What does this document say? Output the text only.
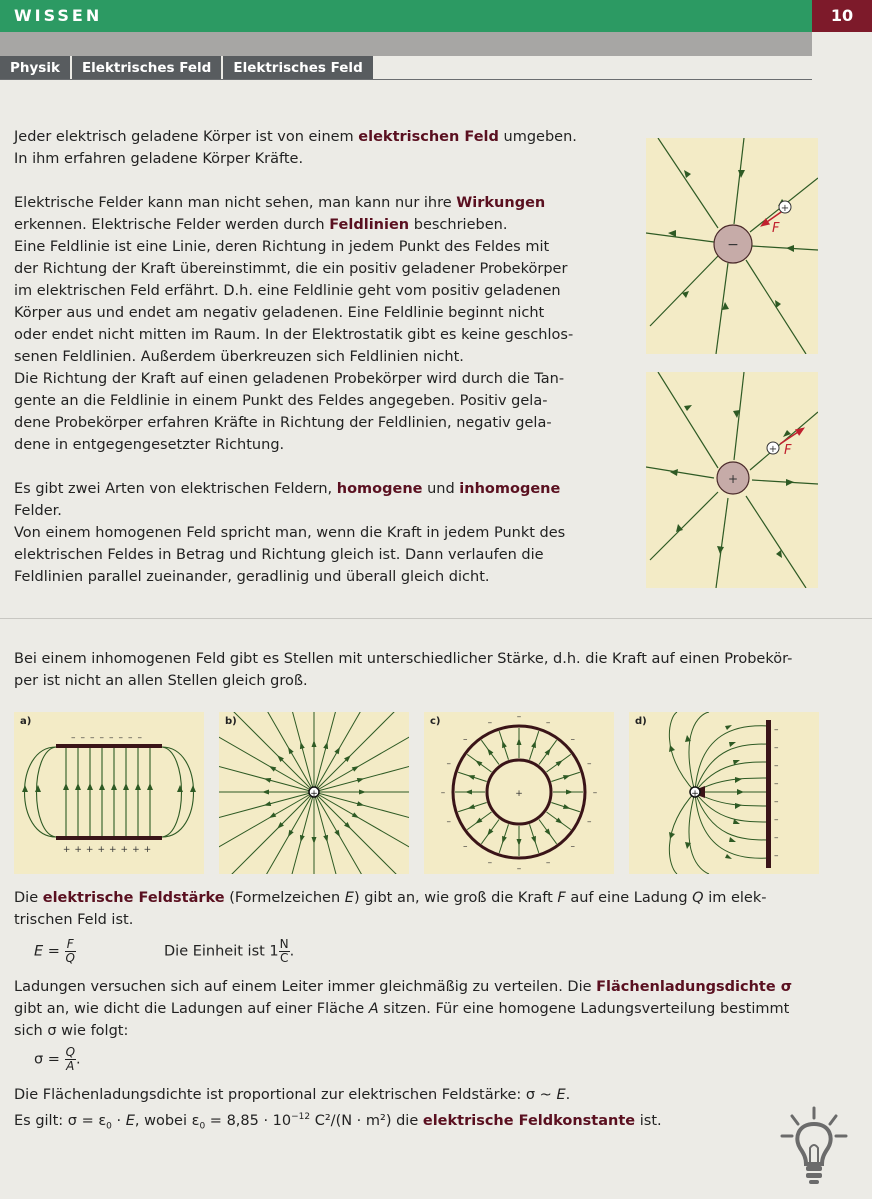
WISSEN	10
Physik	Elektrisches Feld	Elektrisches Feld

Jeder elektrisch geladene Körper ist von einem elektrischen Feld umgeben.

In ihm erfahren geladene Körper Kräfte.

Elektrische Felder kann man nicht sehen, man kann nur ihre Wirkungen

erkennen. Elektrische Felder werden durch Feldlinien beschrieben.

Eine Feldlinie ist eine Linie, deren Richtung in jedem Punkt des Feldes mit

der Richtung der Kraft übereinstimmt, die ein positiv geladener Probekörper

im elektrischen Feld erfährt. D.h. eine Feldlinie geht vom positiv geladenen

Körper aus und endet am negativ geladenen. Eine Feldlinie beginnt nicht

oder endet nicht mitten im Raum. In der Elektrostatik gibt es keine geschlos-

senen Feldlinien. Außerdem überkreuzen sich Feldlinien nicht.

Die Richtung der Kraft auf einen geladenen Probekörper wird durch die Tan-

gente an die Feldlinie in einem Punkt des Feldes angegeben. Positiv gela-

dene Probekörper erfahren Kräfte in Richtung der Feldlinien, negativ gela-

dene in entgegengesetzter Richtung.

Es gibt zwei Arten von elektrischen Feldern, homogene und inhomogene

Felder.

Von einem homogenen Feld spricht man, wenn die Kraft in jedem Punkt des

elektrischen Feldes in Betrag und Richtung gleich ist. Dann verlaufen die

Feldlinien parallel zueinander, geradlinig und überall gleich dicht.

−
+
F
+
+ F

Bei einem inhomogenen Feld gibt es Stellen mit unterschiedlicher Stärke, d.h. die Kraft auf einen Probekör-

per ist nicht an allen Stellen gleich groß.

––––––––
++++++++
a)
+
b)
+	–
–
–
–
–
–
–
–
–
–
–
–
–
–
–
–
c)
–
–
–
–
–
–
–
–
+
d)

Die elektrische Feldstärke (Formelzeichen E) gibt an, wie groß die Kraft F auf eine Ladung Q im elek-

trischen Feld ist.

$E = \frac{F}{Q}$	Die Einheit ist $1 \frac{N}{C}$ .

Ladungen versuchen sich auf einem Leiter immer gleichmäßig zu verteilen. Die Flächenladungsdichte σ

gibt an, wie dicht die Ladungen auf einer Fläche A sitzen. Für eine homogene Ladungsverteilung bestimmt

sich σ wie folgt:

$\sigma = \frac{Q}{A}$ .

Die Flächenladungsdichte ist proportional zur elektrischen Feldstärke: σ ~ E.

Es gilt: $\sigma = \varepsilon_0 \cdot E$, wobei $\varepsilon_0 = 8,85 \cdot 10^{-12}$ C²/(N · m²) die elektrische Feldkonstante ist.
